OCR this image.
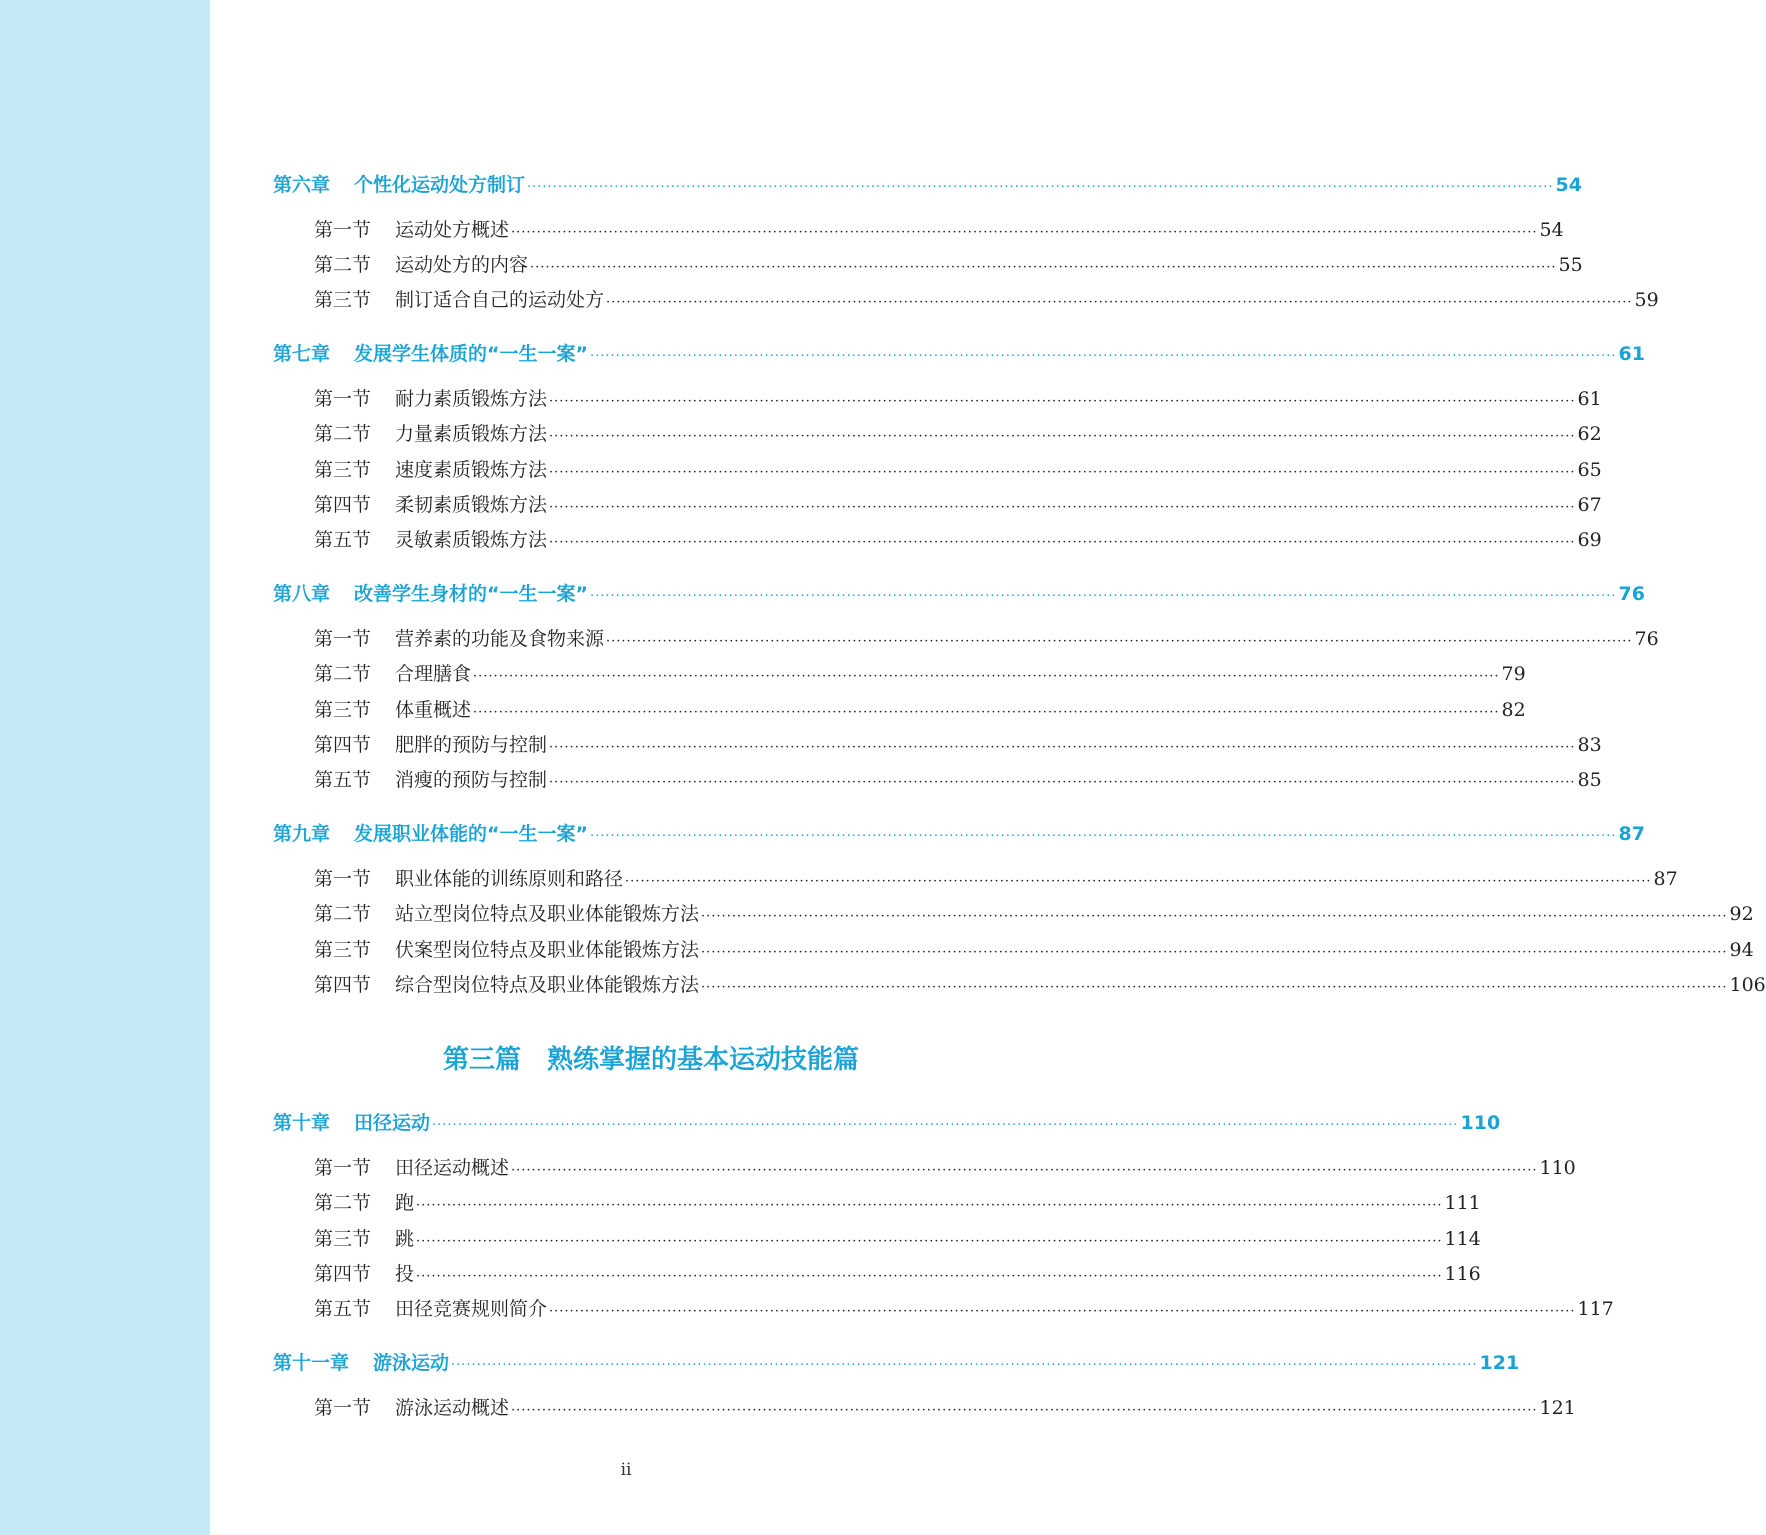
第六章 个性化运动处方制订 ········································································································································································································ 54
第一节 运动处方概述 ········································································································································································································ 54
第二节 运动处方的内容 ········································································································································································································ 55
第三节 制订适合自己的运动处方 ········································································································································································································ 59
第七章 发展学生体质的“一生一案” ········································································································································································································ 61
第一节 耐力素质锻炼方法 ········································································································································································································ 61
第二节 力量素质锻炼方法 ········································································································································································································ 62
第三节 速度素质锻炼方法 ········································································································································································································ 65
第四节 柔韧素质锻炼方法 ········································································································································································································ 67
第五节 灵敏素质锻炼方法 ········································································································································································································ 69
第八章 改善学生身材的“一生一案” ········································································································································································································ 76
第一节 营养素的功能及食物来源 ········································································································································································································ 76
第二节 合理膳食 ········································································································································································································ 79
第三节 体重概述 ········································································································································································································ 82
第四节 肥胖的预防与控制 ········································································································································································································ 83
第五节 消瘦的预防与控制 ········································································································································································································ 85
第九章 发展职业体能的“一生一案” ········································································································································································································ 87
第一节 职业体能的训练原则和路径 ········································································································································································································ 87
第二节 站立型岗位特点及职业体能锻炼方法 ········································································································································································································ 92
第三节 伏案型岗位特点及职业体能锻炼方法 ········································································································································································································ 94
第四节 综合型岗位特点及职业体能锻炼方法 ········································································································································································································ 106
第三篇 熟练掌握的基本运动技能篇
第十章 田径运动 ········································································································································································································ 110
第一节 田径运动概述 ········································································································································································································ 110
第二节 跑 ········································································································································································································ 111
第三节 跳 ········································································································································································································ 114
第四节 投 ········································································································································································································ 116
第五节 田径竞赛规则简介 ········································································································································································································ 117
第十一章 游泳运动 ········································································································································································································ 121
第一节 游泳运动概述 ········································································································································································································ 121
ii
